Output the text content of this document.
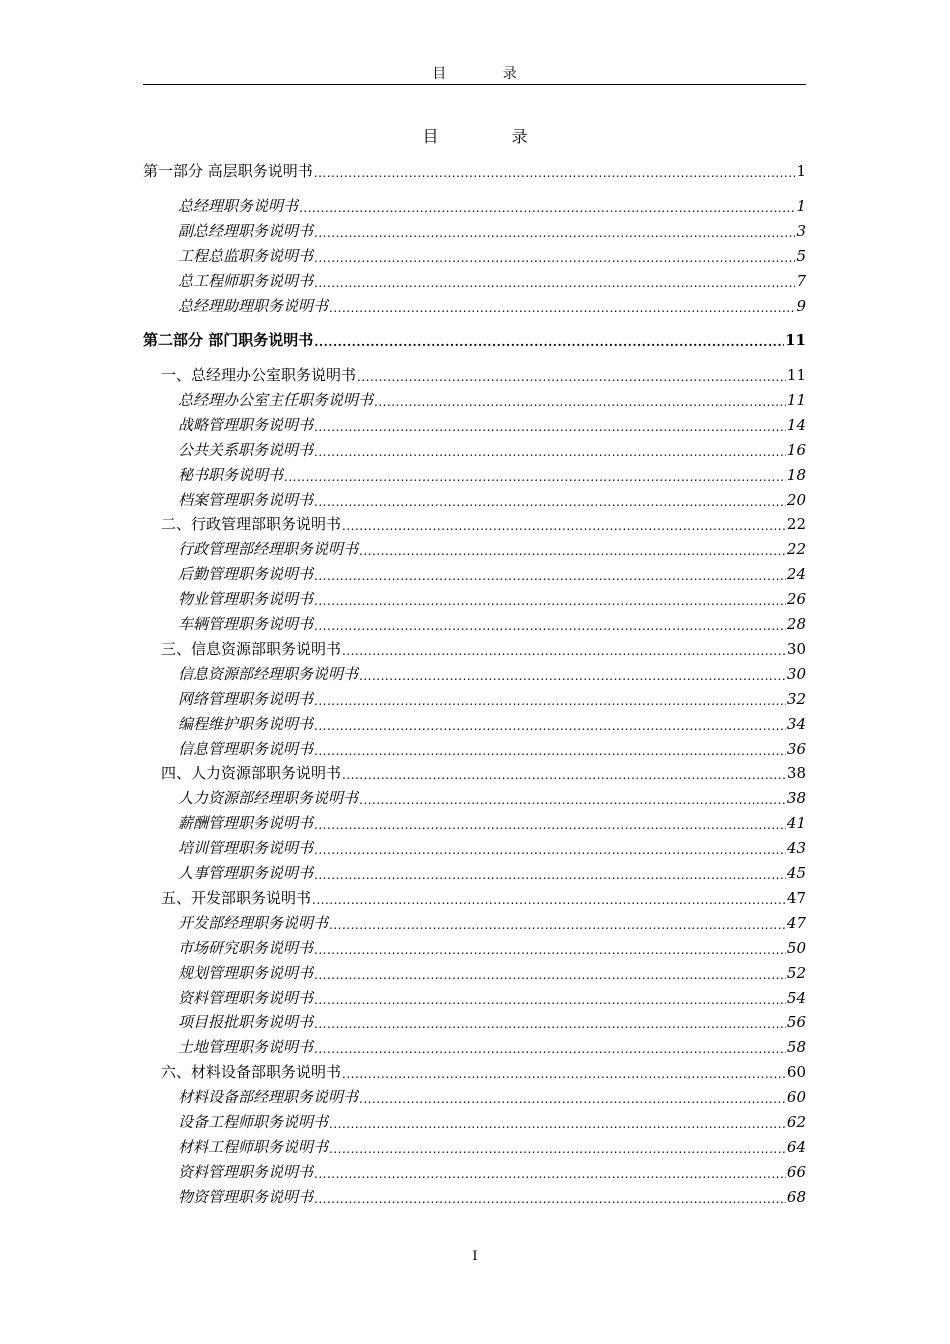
目 录
目 录
第一部分 高层职务说明书 .....	1
总经理职务说明书 .....	1
副总经理职务说明书 .....	3
工程总监职务说明书 .....	5
总工程师职务说明书 .....	7
总经理助理职务说明书 .....	9
第二部分 部门职务说明书 .....	11
一、总经理办公室职务说明书 .....	11
总经理办公室主任职务说明书 .....	11
战略管理职务说明书 .....	14
公共关系职务说明书 .....	16
秘书职务说明书 .....	18
档案管理职务说明书 .....	20
二、行政管理部职务说明书 .....	22
行政管理部经理职务说明书 .....	22
后勤管理职务说明书 .....	24
物业管理职务说明书 .....	26
车辆管理职务说明书 .....	28
三、信息资源部职务说明书 .....	30
信息资源部经理职务说明书 .....	30
网络管理职务说明书 .....	32
编程维护职务说明书 .....	34
信息管理职务说明书 .....	36
四、人力资源部职务说明书 .....	38
人力资源部经理职务说明书 .....	38
薪酬管理职务说明书 .....	41
培训管理职务说明书 .....	43
人事管理职务说明书 .....	45
五、开发部职务说明书 .....	47
开发部经理职务说明书 .....	47
市场研究职务说明书 .....	50
规划管理职务说明书 .....	52
资料管理职务说明书 .....	54
项目报批职务说明书 .....	56
土地管理职务说明书 .....	58
六、材料设备部职务说明书 .....	60
材料设备部经理职务说明书 .....	60
设备工程师职务说明书 .....	62
材料工程师职务说明书 .....	64
资料管理职务说明书 .....	66
物资管理职务说明书 .....	68
I
